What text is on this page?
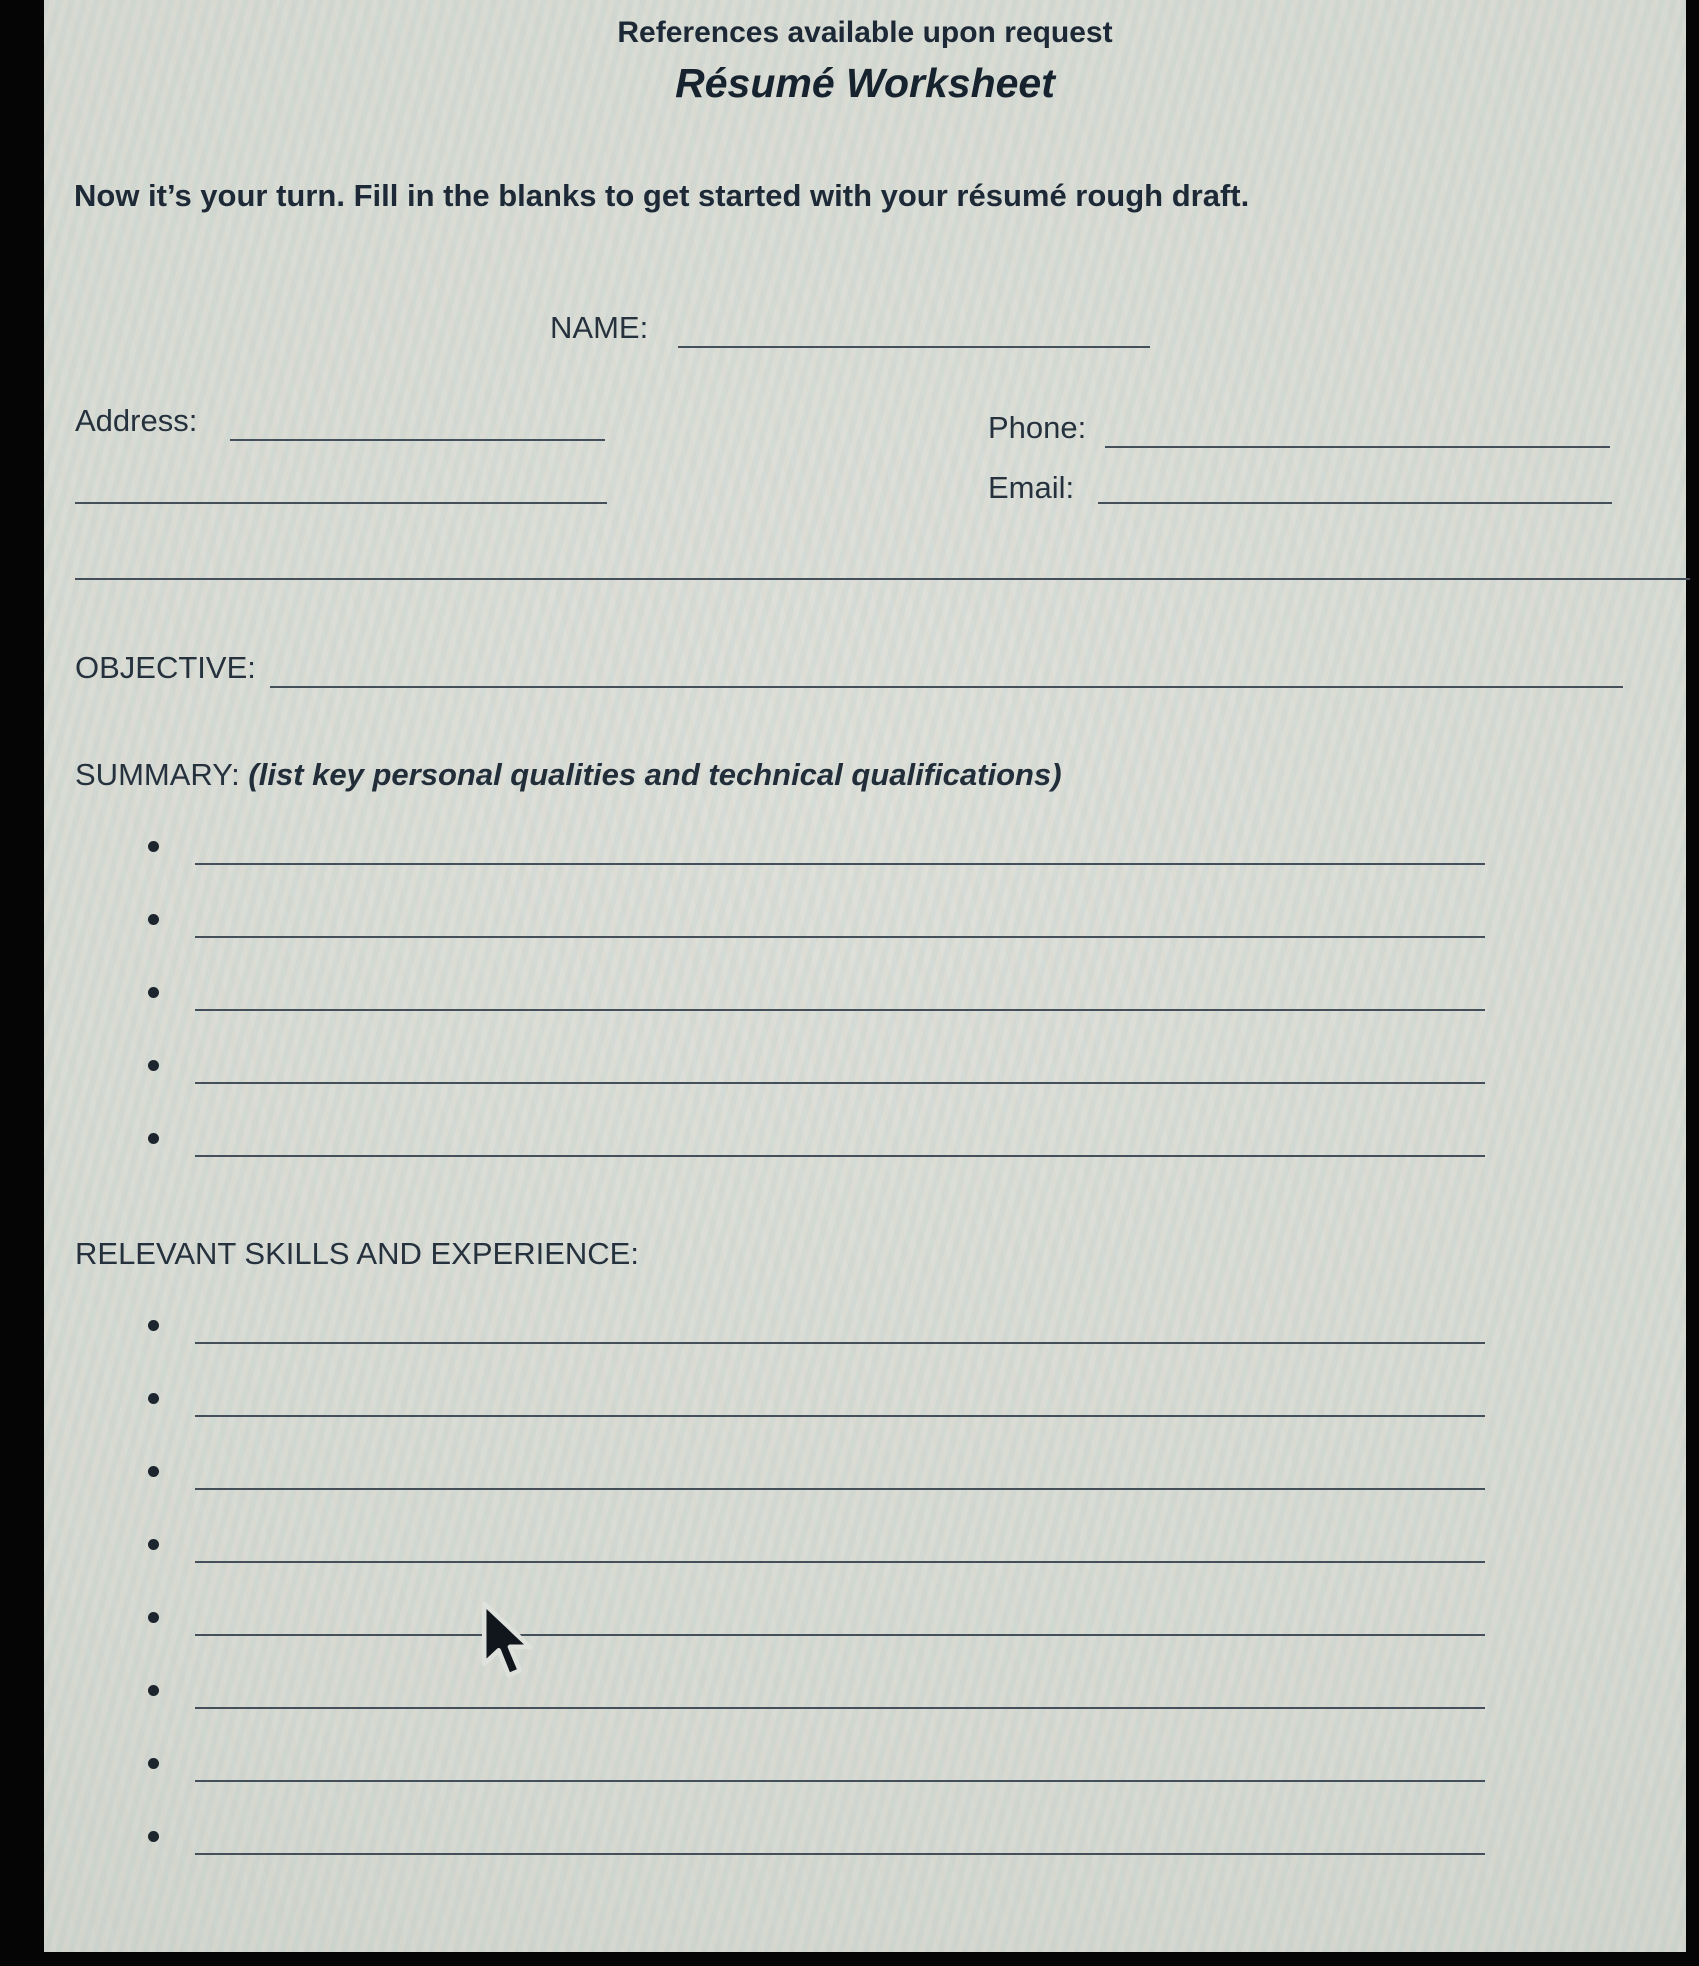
References available upon request
Résumé Worksheet
Now it’s your turn. Fill in the blanks to get started with your résumé rough draft.
NAME:
Address:	Phone:
Email:
OBJECTIVE:
SUMMARY: (list key personal qualities and technical qualifications)
RELEVANT SKILLS AND EXPERIENCE:
